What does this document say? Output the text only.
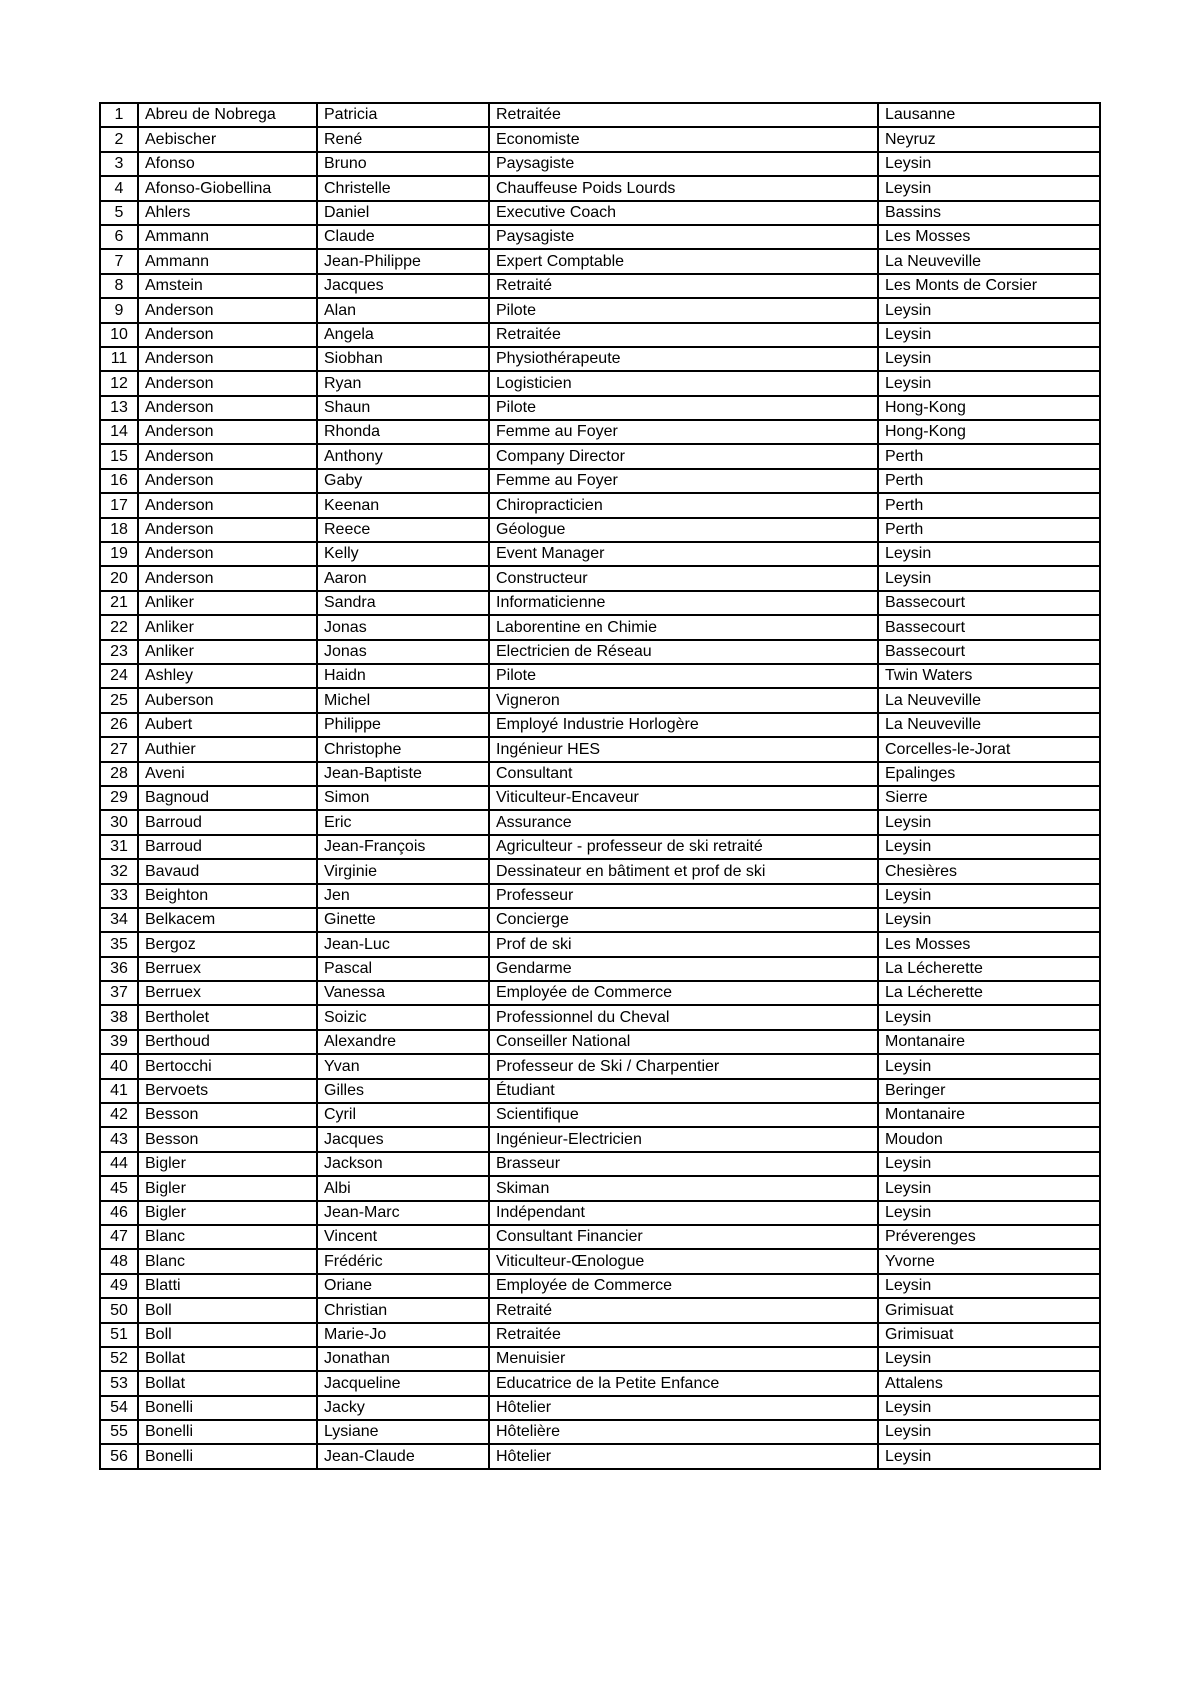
1	Abreu de Nobrega	Patricia	Retraitée	Lausanne
2	Aebischer	René	Economiste	Neyruz
3	Afonso	Bruno	Paysagiste	Leysin
4	Afonso-Giobellina	Christelle	Chauffeuse Poids Lourds	Leysin
5	Ahlers	Daniel	Executive Coach	Bassins
6	Ammann	Claude	Paysagiste	Les Mosses
7	Ammann	Jean-Philippe	Expert Comptable	La Neuveville
8	Amstein	Jacques	Retraité	Les Monts de Corsier
9	Anderson	Alan	Pilote	Leysin
10	Anderson	Angela	Retraitée	Leysin
11	Anderson	Siobhan	Physiothérapeute	Leysin
12	Anderson	Ryan	Logisticien	Leysin
13	Anderson	Shaun	Pilote	Hong-Kong
14	Anderson	Rhonda	Femme au Foyer	Hong-Kong
15	Anderson	Anthony	Company Director	Perth
16	Anderson	Gaby	Femme au Foyer	Perth
17	Anderson	Keenan	Chiropracticien	Perth
18	Anderson	Reece	Géologue	Perth
19	Anderson	Kelly	Event Manager	Leysin
20	Anderson	Aaron	Constructeur	Leysin
21	Anliker	Sandra	Informaticienne	Bassecourt
22	Anliker	Jonas	Laborentine en Chimie	Bassecourt
23	Anliker	Jonas	Electricien de Réseau	Bassecourt
24	Ashley	Haidn	Pilote	Twin Waters
25	Auberson	Michel	Vigneron	La Neuveville
26	Aubert	Philippe	Employé Industrie Horlogère	La Neuveville
27	Authier	Christophe	Ingénieur HES	Corcelles-le-Jorat
28	Aveni	Jean-Baptiste	Consultant	Epalinges
29	Bagnoud	Simon	Viticulteur-Encaveur	Sierre
30	Barroud	Eric	Assurance	Leysin
31	Barroud	Jean-François	Agriculteur - professeur de ski retraité	Leysin
32	Bavaud	Virginie	Dessinateur en bâtiment et prof de ski	Chesières
33	Beighton	Jen	Professeur	Leysin
34	Belkacem	Ginette	Concierge	Leysin
35	Bergoz	Jean-Luc	Prof de ski	Les Mosses
36	Berruex	Pascal	Gendarme	La Lécherette
37	Berruex	Vanessa	Employée de Commerce	La Lécherette
38	Bertholet	Soizic	Professionnel du Cheval	Leysin
39	Berthoud	Alexandre	Conseiller National	Montanaire
40	Bertocchi	Yvan	Professeur de Ski / Charpentier	Leysin
41	Bervoets	Gilles	Étudiant	Beringer
42	Besson	Cyril	Scientifique	Montanaire
43	Besson	Jacques	Ingénieur-Electricien	Moudon
44	Bigler	Jackson	Brasseur	Leysin
45	Bigler	Albi	Skiman	Leysin
46	Bigler	Jean-Marc	Indépendant	Leysin
47	Blanc	Vincent	Consultant Financier	Préverenges
48	Blanc	Frédéric	Viticulteur-Œnologue	Yvorne
49	Blatti	Oriane	Employée de Commerce	Leysin
50	Boll	Christian	Retraité	Grimisuat
51	Boll	Marie-Jo	Retraitée	Grimisuat
52	Bollat	Jonathan	Menuisier	Leysin
53	Bollat	Jacqueline	Educatrice de la Petite Enfance	Attalens
54	Bonelli	Jacky	Hôtelier	Leysin
55	Bonelli	Lysiane	Hôtelière	Leysin
56	Bonelli	Jean-Claude	Hôtelier	Leysin
